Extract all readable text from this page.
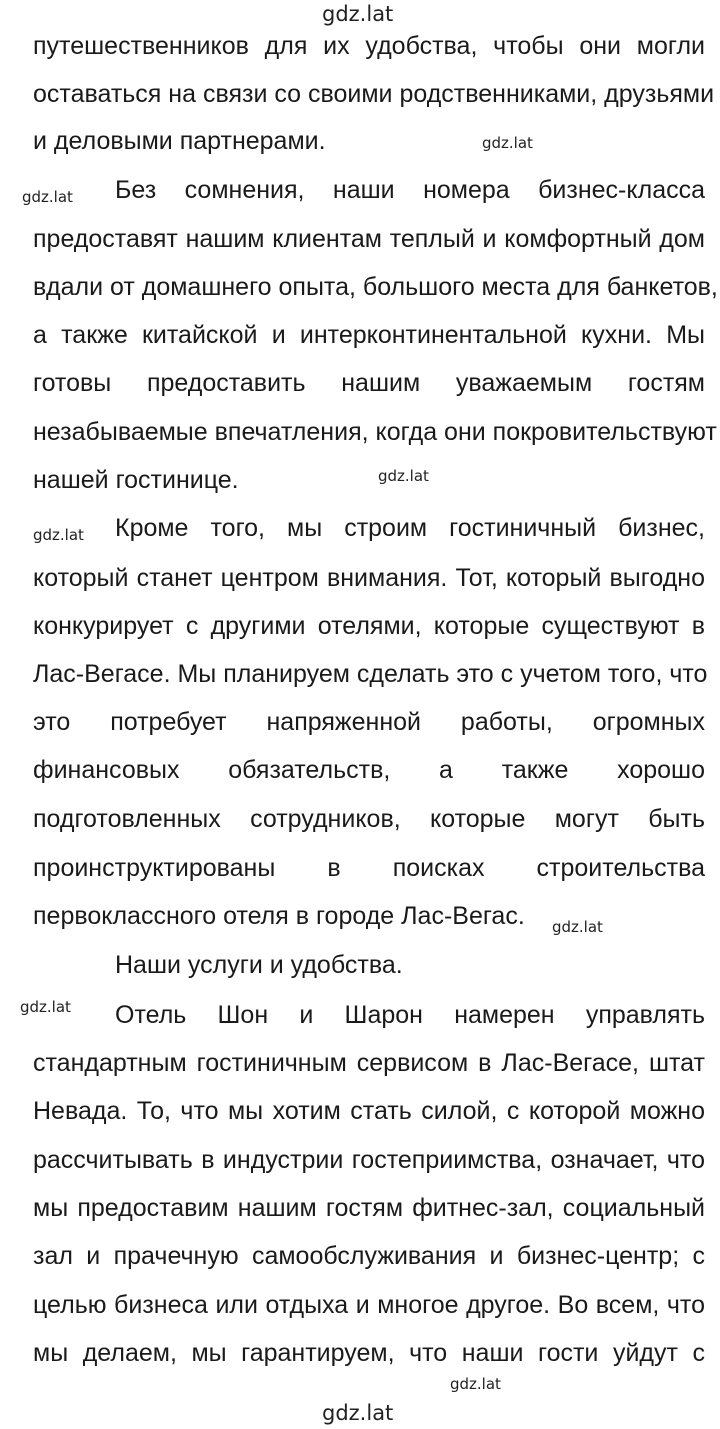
gdz.lat
gdz.lat
gdz.lat
gdz.lat
gdz.lat
gdz.lat
gdz.lat
gdz.lat
gdz.lat
путешественников для их удобства, чтобы они могли
оставаться на связи со своими родственниками, друзьями
и деловыми партнерами.
Без сомнения, наши номера бизнес-класса
предоставят нашим клиентам теплый и комфортный дом
вдали от домашнего опыта, большого места для банкетов,
а также китайской и интерконтинентальной кухни. Мы
готовы предоставить нашим уважаемым гостям
незабываемые впечатления, когда они покровительствуют
нашей гостинице.
Кроме того, мы строим гостиничный бизнес,
который станет центром внимания. Тот, который выгодно
конкурирует с другими отелями, которые существуют в
Лас-Вегасе. Мы планируем сделать это с учетом того, что
это потребует напряженной работы, огромных
финансовых обязательств, а также хорошо
подготовленных сотрудников, которые могут быть
проинструктированы в поисках строительства
первоклассного отеля в городе Лас-Вегас.
Наши услуги и удобства.
Отель Шон и Шарон намерен управлять
стандартным гостиничным сервисом в Лас-Вегасе, штат
Невада. То, что мы хотим стать силой, с которой можно
рассчитывать в индустрии гостеприимства, означает, что
мы предоставим нашим гостям фитнес-зал, социальный
зал и прачечную самообслуживания и бизнес-центр; с
целью бизнеса или отдыха и многое другое. Во всем, что
мы делаем, мы гарантируем, что наши гости уйдут с
